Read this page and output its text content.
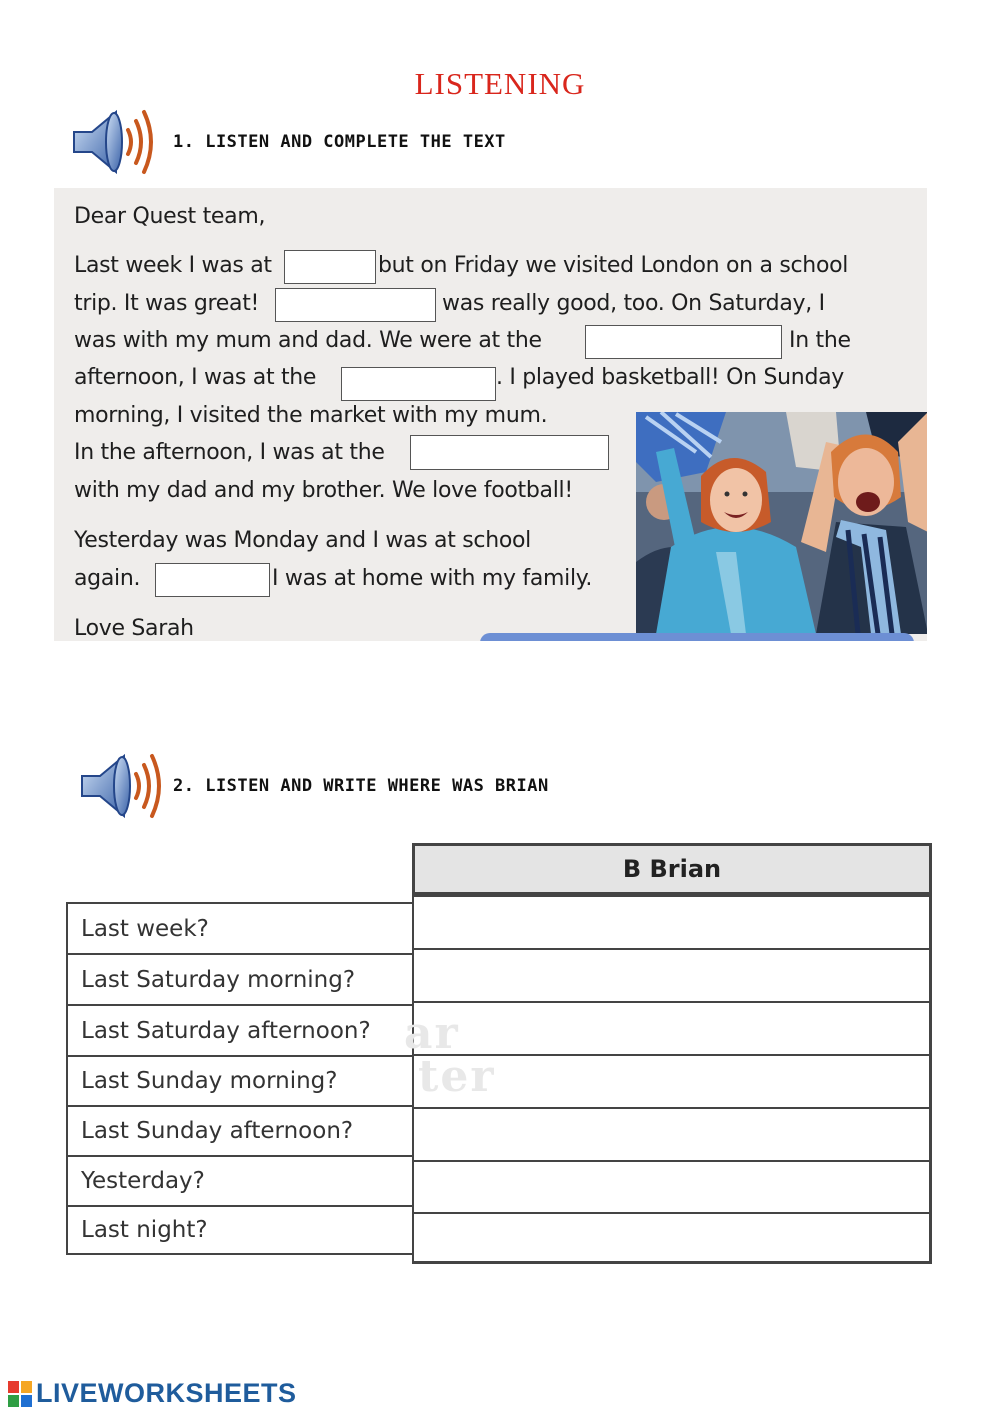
LISTENING
1. LISTEN AND COMPLETE THE TEXT
Dear Quest team,
Last week I was at	but on Friday we visited London on a school
trip. It was great!	was really good, too. On Saturday, I
was with my mum and dad. We were at the	In the
afternoon, I was at the	. I played basketball! On Sunday
morning, I visited the market with my mum.
In the afternoon, I was at the
with my dad and my brother. We love football!
Yesterday was Monday and I was at school
again.	I was at home with my family.
Love Sarah
2. LISTEN AND WRITE WHERE WAS BRIAN
B Brian
Last week?
Last Saturday morning?
Last Saturday afternoon?
Last Sunday morning?
Last Sunday afternoon?
Yesterday?
Last night?
ar
ter
LIVEWORKSHEETS
